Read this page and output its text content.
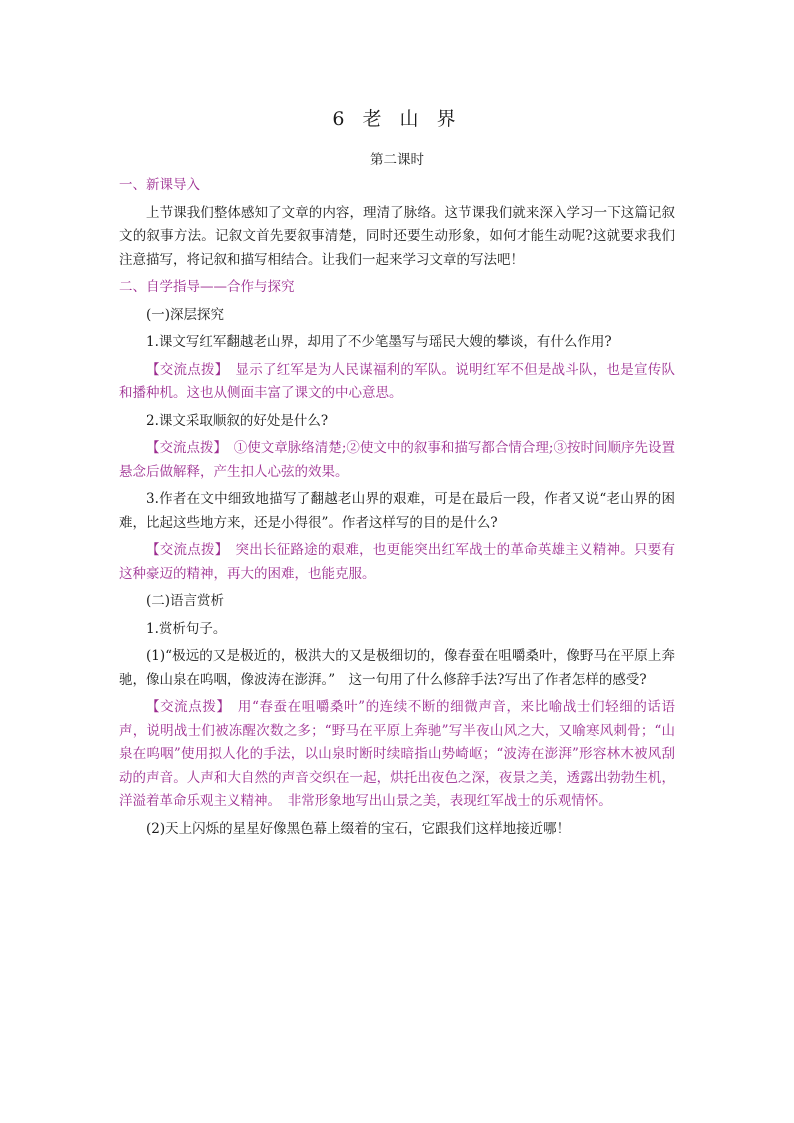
6 老 山 界
第二课时

一、新课导入

上节课我们整体感知了文章的内容，理清了脉络。这节课我们就来深入学习一下这篇记叙文的叙事方法。记叙文首先要叙事清楚，同时还要生动形象，如何才能生动呢?这就要求我们注意描写，将记叙和描写相结合。让我们一起来学习文章的写法吧！

二、自学指导——合作与探究

(一)深层探究

1.课文写红军翻越老山界，却用了不少笔墨写与瑶民大嫂的攀谈，有什么作用?

【交流点拨】　显示了红军是为人民谋福利的军队。说明红军不但是战斗队，也是宣传队和播种机。这也从侧面丰富了课文的中心意思。

2.课文采取顺叙的好处是什么?

【交流点拨】　①使文章脉络清楚;②使文中的叙事和描写都合情合理;③按时间顺序先设置悬念后做解释，产生扣人心弦的效果。

3.作者在文中细致地描写了翻越老山界的艰难，可是在最后一段，作者又说“老山界的困难，比起这些地方来，还是小得很”。作者这样写的目的是什么?

【交流点拨】　突出长征路途的艰难，也更能突出红军战士的革命英雄主义精神。只要有这种豪迈的精神，再大的困难，也能克服。

(二)语言赏析

1.赏析句子。

(1)“极远的又是极近的，极洪大的又是极细切的，像春蚕在咀嚼桑叶，像野马在平原上奔驰，像山泉在呜咽，像波涛在澎湃。”　这一句用了什么修辞手法?写出了作者怎样的感受?

【交流点拨】　用“春蚕在咀嚼桑叶”的连续不断的细微声音，来比喻战士们轻细的话语声，说明战士们被冻醒次数之多；“野马在平原上奔驰”写半夜山风之大，又喻寒风刺骨；“山泉在呜咽”使用拟人化的手法，以山泉时断时续暗指山势崎岖；“波涛在澎湃”形容林木被风刮动的声音。人声和大自然的声音交织在一起，烘托出夜色之深，夜景之美，透露出勃勃生机，洋溢着革命乐观主义精神。　非常形象地写出山景之美，表现红军战士的乐观情怀。

(2)天上闪烁的星星好像黑色幕上缀着的宝石，它跟我们这样地接近哪！
